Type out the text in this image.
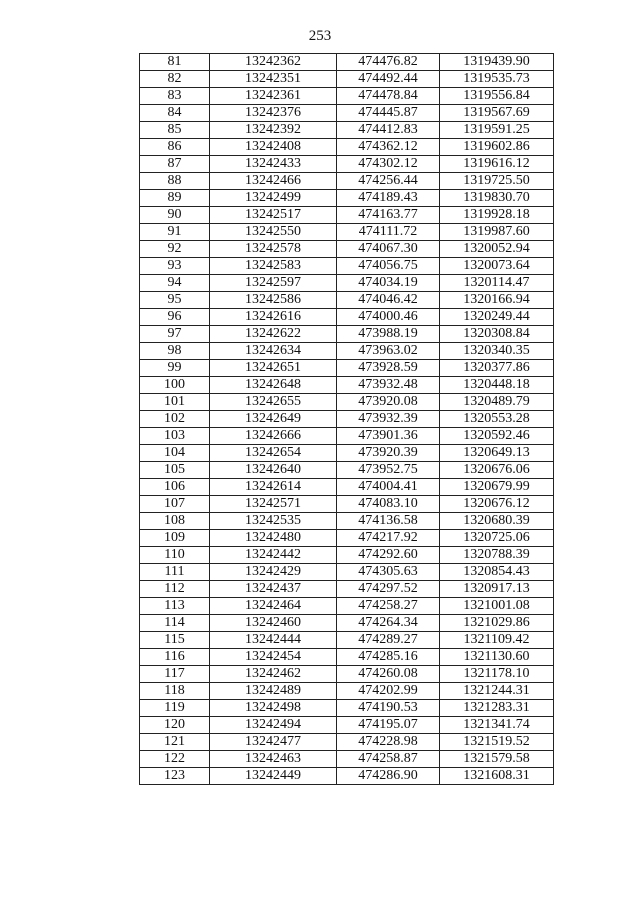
253
81	13242362	474476.82	1319439.90
82	13242351	474492.44	1319535.73
83	13242361	474478.84	1319556.84
84	13242376	474445.87	1319567.69
85	13242392	474412.83	1319591.25
86	13242408	474362.12	1319602.86
87	13242433	474302.12	1319616.12
88	13242466	474256.44	1319725.50
89	13242499	474189.43	1319830.70
90	13242517	474163.77	1319928.18
91	13242550	474111.72	1319987.60
92	13242578	474067.30	1320052.94
93	13242583	474056.75	1320073.64
94	13242597	474034.19	1320114.47
95	13242586	474046.42	1320166.94
96	13242616	474000.46	1320249.44
97	13242622	473988.19	1320308.84
98	13242634	473963.02	1320340.35
99	13242651	473928.59	1320377.86
100	13242648	473932.48	1320448.18
101	13242655	473920.08	1320489.79
102	13242649	473932.39	1320553.28
103	13242666	473901.36	1320592.46
104	13242654	473920.39	1320649.13
105	13242640	473952.75	1320676.06
106	13242614	474004.41	1320679.99
107	13242571	474083.10	1320676.12
108	13242535	474136.58	1320680.39
109	13242480	474217.92	1320725.06
110	13242442	474292.60	1320788.39
111	13242429	474305.63	1320854.43
112	13242437	474297.52	1320917.13
113	13242464	474258.27	1321001.08
114	13242460	474264.34	1321029.86
115	13242444	474289.27	1321109.42
116	13242454	474285.16	1321130.60
117	13242462	474260.08	1321178.10
118	13242489	474202.99	1321244.31
119	13242498	474190.53	1321283.31
120	13242494	474195.07	1321341.74
121	13242477	474228.98	1321519.52
122	13242463	474258.87	1321579.58
123	13242449	474286.90	1321608.31
